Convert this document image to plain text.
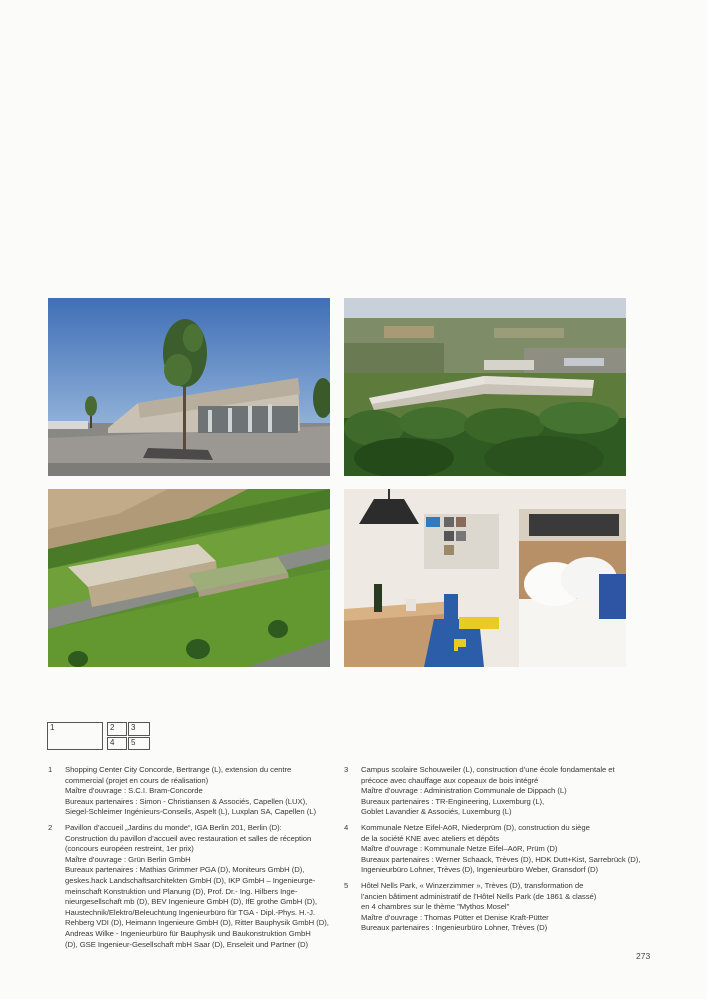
1	2	3
4	5
1 Shopping Center City Concorde, Bertrange (L), extension du centre
commercial (projet en cours de réalisation)
Maître d’ouvrage : S.C.I. Bram-Concorde
Bureaux partenaires : Simon - Christiansen & Associés, Capellen (LUX),
Siegel-Schleimer Ingénieurs-Conseils, Aspelt (L), Luxplan SA, Capellen (L)
2 Pavillon d’accueil „Jardins du monde“, IGA Berlin 201, Berlin (D):
Construction du pavillon d’accueil avec restauration et salles de réception
(concours européen restreint, 1er prix)
Maître d’ouvrage : Grün Berlin GmbH
Bureaux partenaires : Mathias Grimmer PGA (D), Moniteurs GmbH (D),
geskes.hack Landschaftsarchitekten GmbH (D), IKP GmbH – Ingenieurge-
meinschaft Konstruktion und Planung (D), Prof. Dr.- Ing. Hilbers Inge-
nieurgesellschaft mb (D), BEV Ingenieure GmbH (D), IfE grothe GmbH (D),
Haustechnik/Elektro/Beleuchtung Ingenieurbüro für TGA - Dipl.-Phys. H.-J.
Rehberg VDI (D), Heimann Ingenieure GmbH (D), Ritter Bauphysik GmbH (D),
Andreas Wilke - Ingenieurbüro für Bauphysik und Baukonstruktion GmbH
(D), GSE Ingenieur-Gesellschaft mbH Saar (D), Enseleit und Partner (D)
3 Campus scolaire Schouweiler (L), construction d’une école fondamentale et
précoce avec chauffage aux copeaux de bois intégré
Maître d’ouvrage : Administration Communale de Dippach (L)
Bureaux partenaires : TR-Engineering, Luxemburg (L),
Goblet Lavandier & Associés, Luxemburg (L)
4 Kommunale Netze Eifel-AöR, Niederprüm (D), construction du siège
de la société KNE avec ateliers et dépôts
Maître d’ouvrage : Kommunale Netze Eifel–AöR, Prüm (D)
Bureaux partenaires : Werner Schaack, Trèves (D), HDK Dutt+Kist, Sarrebrück (D),
Ingenieurbüro Lohner, Trèves (D), Ingenieurbüro Weber, Gransdorf (D)
5 Hôtel Nells Park, « Winzerzimmer », Trèves (D), transformation de
l’ancien bâtiment administratif de l’Hôtel Nells Park (de 1861 & classé)
en 4 chambres sur le thème "Mythos Mosel"
Maître d’ouvrage : Thomas Pütter et Denise Kraft-Pütter
Bureaux partenaires : Ingenieurbüro Lohner, Trèves (D)
273
